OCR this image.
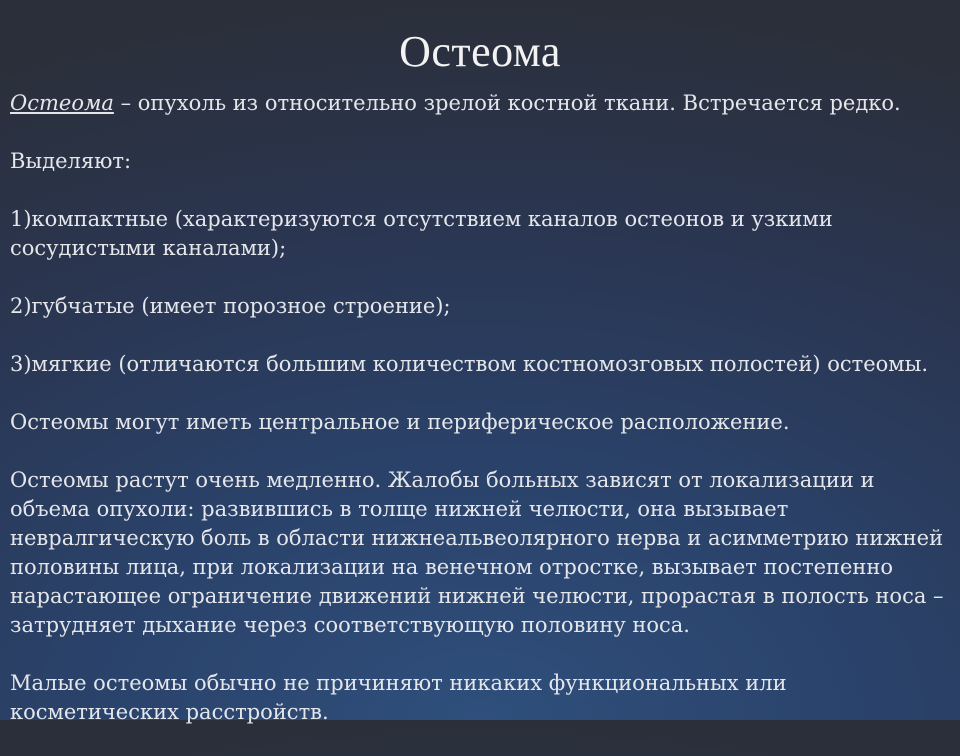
Остеома

Остеома – опухоль из относительно зрелой костной ткани. Встречается редко.

Выделяют:

1)компактные (характеризуются отсутствием каналов остеонов и узкими сосудистыми каналами);

2)губчатые (имеет порозное строение);

3)мягкие (отличаются большим количеством костномозговых полостей) остеомы.

Остеомы могут иметь центральное и периферическое расположение.

Остеомы растут очень медленно. Жалобы больных зависят от локализации и объема опухоли: развившись в толще нижней челюсти, она вызывает невралгическую боль в области нижнеальвеолярного нерва и асимметрию нижней половины лица, при локализации на венечном отростке, вызывает постепенно нарастающее ограничение движений нижней челюсти, прорастая в полость носа – затрудняет дыхание через соответствующую половину носа.

Малые остеомы обычно не причиняют никаких функциональных или косметических расстройств.
